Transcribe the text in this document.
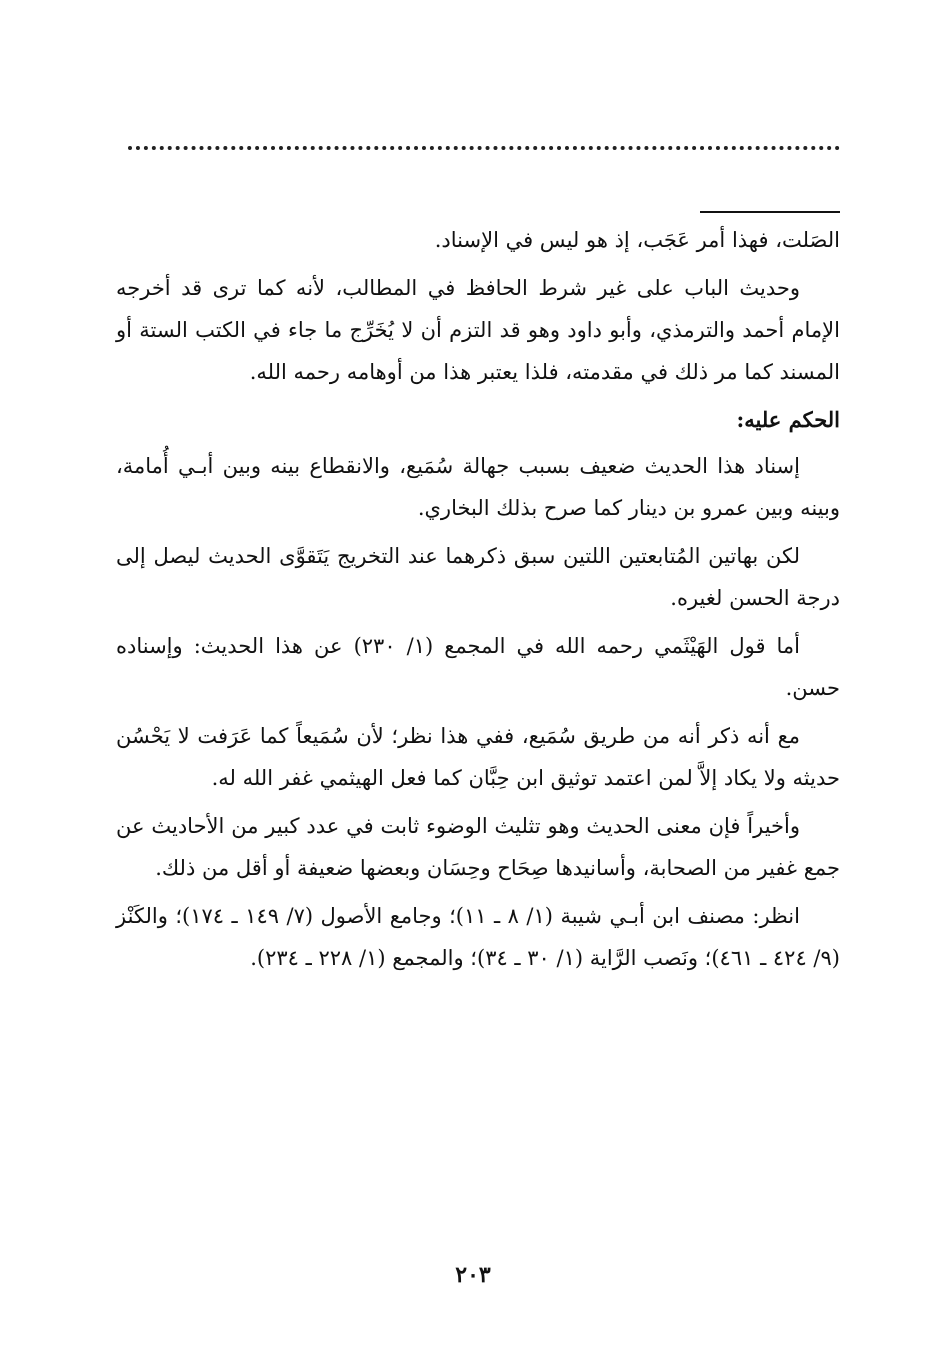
الصَلت، فهذا أمر عَجَب، إذ هو ليس في الإسناد.

وحديث الباب على غير شرط الحافظ في المطالب، لأنه كما ترى قد أخرجه الإمام أحمد والترمذي، وأبو داود وهو قد التزم أن لا يُخَرِّج ما جاء في الكتب الستة أو المسند كما مر ذلك في مقدمته، فلذا يعتبر هذا من أوهامه رحمه الله.

الحكم عليه:

إسناد هذا الحديث ضعيف بسبب جهالة سُمَيع، والانقطاع بينه وبين أبـي أُمامة، وبينه وبين عمرو بن دينار كما صرح بذلك البخاري.

لكن بهاتين المُتابعتين اللتين سبق ذكرهما عند التخريج يَتَقوَّى الحديث ليصل إلى درجة الحسن لغيره.

أما قول الهَيْثَمي رحمه الله في المجمع (١/ ٢٣٠) عن هذا الحديث: وإسناده حسن.

مع أنه ذكر أنه من طريق سُمَيع، ففي هذا نظر؛ لأن سُمَيعاً كما عَرَفت لا يَحْسُن حديثه ولا يكاد إلاَّ لمن اعتمد توثيق ابن حِبَّان كما فعل الهيثمي غفر الله له.

وأخيراً فإن معنى الحديث وهو تثليث الوضوء ثابت في عدد كبير من الأحاديث عن جمع غفير من الصحابة، وأسانيدها صِحَاح وحِسَان وبعضها ضعيفة أو أقل من ذلك.

انظر: مصنف ابن أبـي شيبة (١/ ٨ ـ ١١)؛ وجامع الأصول (٧/ ١٤٩ ـ ١٧٤)؛ والكَنْز (٩/ ٤٢٤ ـ ٤٦١)؛ ونَصب الرَّاية (١/ ٣٠ ـ ٣٤)؛ والمجمع (١/ ٢٢٨ ـ ٢٣٤).

٢٠٣
